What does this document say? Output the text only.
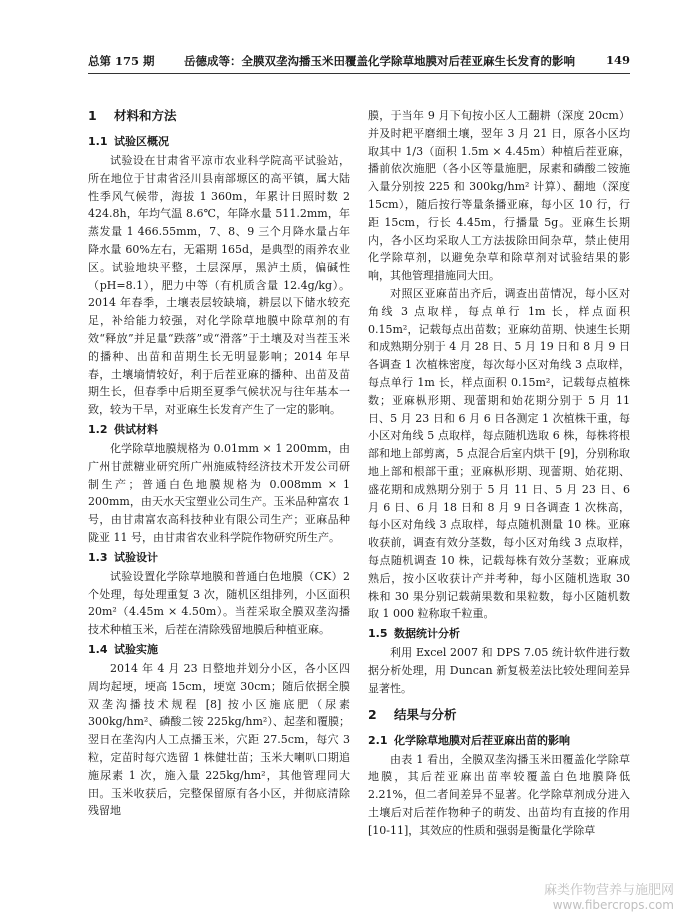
总第 175 期	岳德成等：全膜双垄沟播玉米田覆盖化学除草地膜对后茬亚麻生长发育的影响	149
1 材料和方法
1.1 试验区概况

试验设在甘肃省平凉市农业科学院高平试验站，所在地位于甘肃省泾川县南部塬区的高平镇，属大陆性季风气候带，海拔 1 360m，年累计日照时数 2 424.8h，年均气温 8.6℃，年降水量 511.2mm，年蒸发量 1 466.55mm，7、8、9 三个月降水量占年降水量 60%左右，无霜期 165d，是典型的雨养农业区。试验地块平整，土层深厚，黑泸土质，偏碱性（pH=8.1），肥力中等（有机质含量 12.4g/kg）。2014 年春季，土壤表层较缺墒，耕层以下储水较充足，补给能力较强，对化学除草地膜中除草剂的有效“释放”并足量“跌落”或“滑落”于土壤及对当茬玉米的播种、出苗和苗期生长无明显影响；2014 年早春，土壤墒情较好，利于后茬亚麻的播种、出苗及苗期生长，但春季中后期至夏季气候状况与往年基本一致，较为干旱，对亚麻生长发育产生了一定的影响。

1.2 供试材料

化学除草地膜规格为 0.01mm × 1 200mm，由广州甘蔗糖业研究所广州施威特经济技术开发公司研制生产；普通白色地膜规格为 0.008mm × 1 200mm，由天水天宝塑业公司生产。玉米品种富农 1 号，由甘肃富农高科技种业有限公司生产；亚麻品种陇亚 11 号，由甘肃省农业科学院作物研究所生产。

1.3 试验设计

试验设置化学除草地膜和普通白色地膜（CK）2 个处理，每处理重复 3 次，随机区组排列，小区面积 20m²（4.45m × 4.50m）。当茬采取全膜双垄沟播技术种植玉米，后茬在清除残留地膜后种植亚麻。

1.4 试验实施

2014 年 4 月 23 日整地并划分小区，各小区四周均起埂，埂高 15cm，埂宽 30cm；随后依据全膜双垄沟播技术规程 [8] 按小区施底肥（尿素 300kg/hm²、磷酸二铵 225kg/hm²）、起垄和覆膜；翌日在垄沟内人工点播玉米，穴距 27.5cm，每穴 3 粒，定苗时每穴选留 1 株健壮苗；玉米大喇叭口期追施尿素 1 次，施入量 225kg/hm²，其他管理同大田。玉米收获后，完整保留原有各小区，并彻底清除残留地

膜，于当年 9 月下旬按小区人工翻耕（深度 20cm）并及时耙平磨细土壤，翌年 3 月 21 日，原各小区均取其中 1/3（面积 1.5m × 4.45m）种植后茬亚麻，播前依次施肥（各小区等量施肥，尿素和磷酸二铵施入量分别按 225 和 300kg/hm² 计算）、翻地（深度 15cm），随后按行等量条播亚麻，每小区 10 行，行距 15cm，行长 4.45m，行播量 5g。亚麻生长期内，各小区均采取人工方法拔除田间杂草，禁止使用化学除草剂，以避免杂草和除草剂对试验结果的影响，其他管理措施同大田。

对照区亚麻苗出齐后，调查出苗情况，每小区对角线 3 点取样，每点单行 1m 长，样点面积 0.15m²，记载每点出苗数；亚麻幼苗期、快速生长期和成熟期分别于 4 月 28 日、5 月 19 日和 8 月 9 日各调查 1 次植株密度，每次每小区对角线 3 点取样，每点单行 1m 长，样点面积 0.15m²，记载每点植株数；亚麻枞形期、现蕾期和始花期分别于 5 月 11 日、5 月 23 日和 6 月 6 日各测定 1 次植株干重，每小区对角线 5 点取样，每点随机选取 6 株，每株将根部和地上部剪离，5 点混合后室内烘干 [9]，分别称取地上部和根部干重；亚麻枞形期、现蕾期、始花期、盛花期和成熟期分别于 5 月 11 日、5 月 23 日、6 月 6 日、6 月 18 日和 8 月 9 日各调查 1 次株高，每小区对角线 3 点取样，每点随机测量 10 株。亚麻收获前，调查有效分茎数，每小区对角线 3 点取样，每点随机调查 10 株，记载每株有效分茎数；亚麻成熟后，按小区收获计产并考种，每小区随机选取 30 株和 30 果分别记载蒴果数和果粒数，每小区随机数取 1 000 粒称取千粒重。

1.5 数据统计分析

利用 Excel 2007 和 DPS 7.05 统计软件进行数据分析处理，用 Duncan 新复极差法比较处理间差异显著性。

2 结果与分析
2.1 化学除草地膜对后茬亚麻出苗的影响

由表 1 看出，全膜双垄沟播玉米田覆盖化学除草地膜，其后茬亚麻出苗率较覆盖白色地膜降低 2.21%，但二者间差异不显著。化学除草剂成分进入土壤后对后茬作物种子的萌发、出苗均有直接的作用 [10-11]，其效应的性质和强弱是衡量化学除草

麻类作物营养与施肥网
www.fibercrops.com
